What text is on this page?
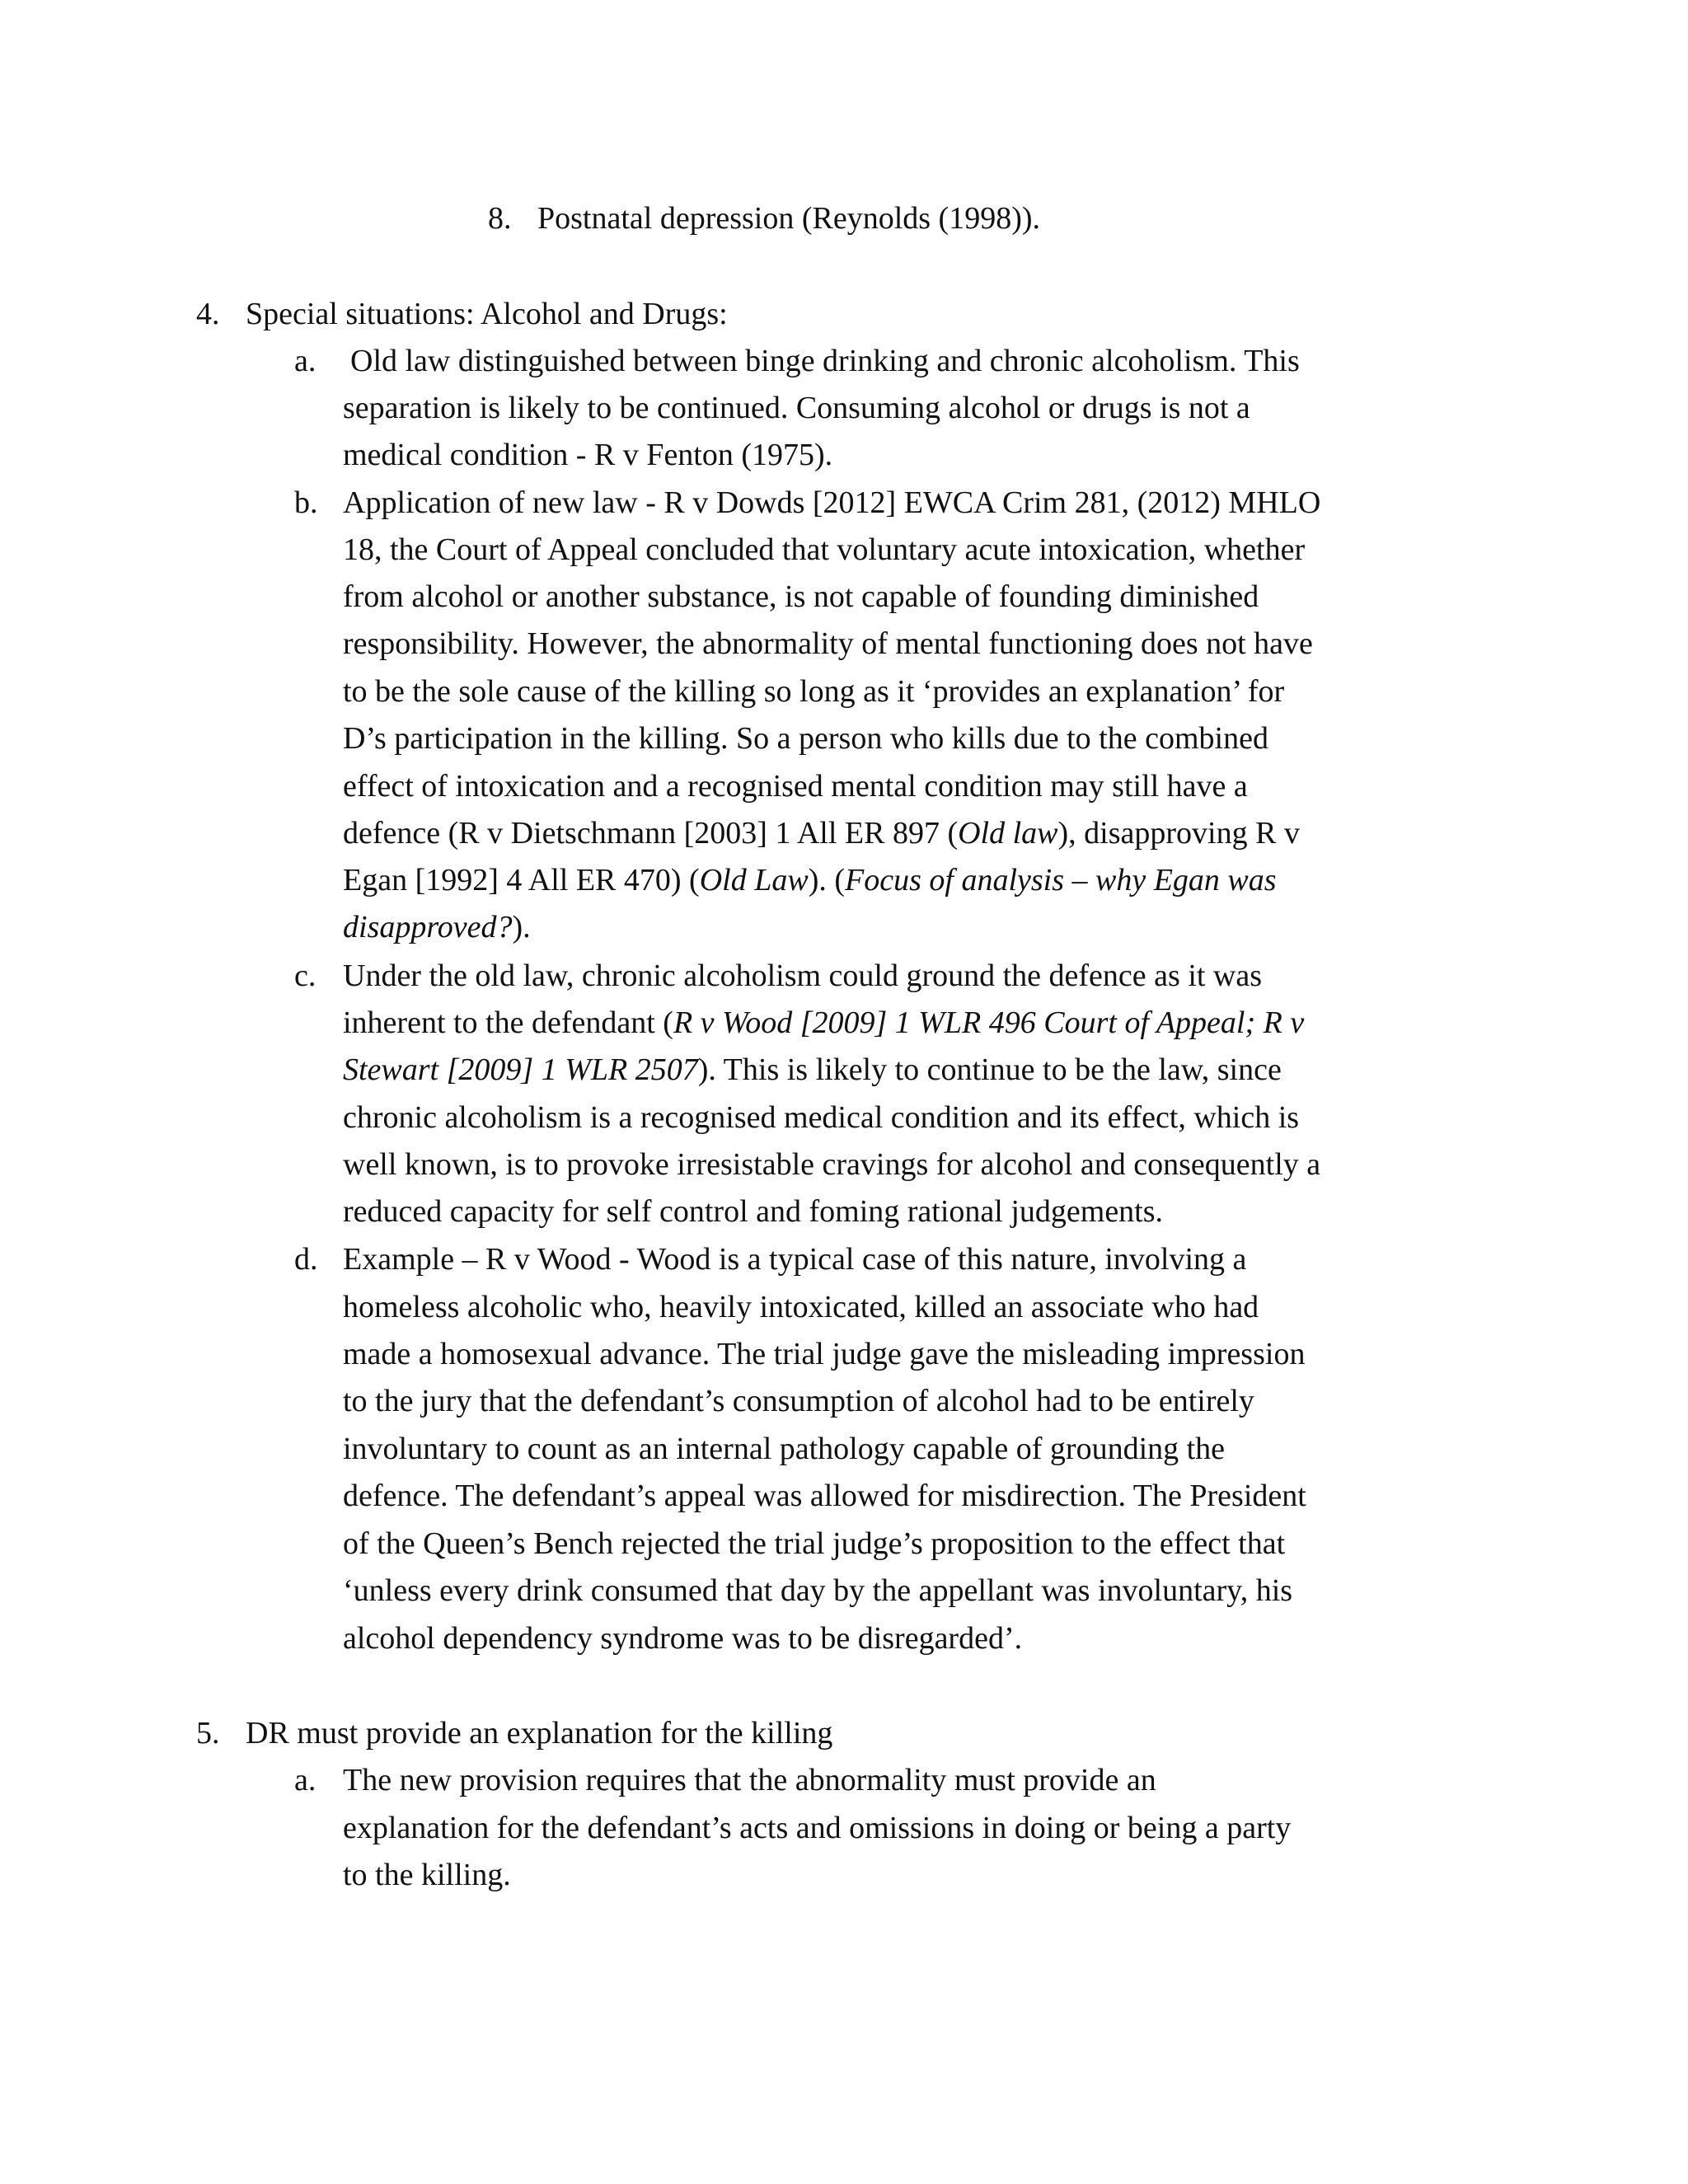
8. Postnatal depression (Reynolds (1998)).

4. Special situations: Alcohol and Drugs:

a. Old law distinguished between binge drinking and chronic alcoholism. This

separation is likely to be continued. Consuming alcohol or drugs is not a

medical condition - R v Fenton (1975).

b. Application of new law - R v Dowds [2012] EWCA Crim 281, (2012) MHLO

18, the Court of Appeal concluded that voluntary acute intoxication, whether

from alcohol or another substance, is not capable of founding diminished

responsibility. However, the abnormality of mental functioning does not have

to be the sole cause of the killing so long as it ‘provides an explanation’ for

D’s participation in the killing. So a person who kills due to the combined

effect of intoxication and a recognised mental condition may still have a

defence (R v Dietschmann [2003] 1 All ER 897 (Old law), disapproving R v

Egan [1992] 4 All ER 470) (Old Law). (Focus of analysis – why Egan was

disapproved?).

c. Under the old law, chronic alcoholism could ground the defence as it was

inherent to the defendant (R v Wood [2009] 1 WLR 496 Court of Appeal; R v

Stewart [2009] 1 WLR 2507). This is likely to continue to be the law, since

chronic alcoholism is a recognised medical condition and its effect, which is

well known, is to provoke irresistable cravings for alcohol and consequently a

reduced capacity for self control and foming rational judgements.

d. Example – R v Wood - Wood is a typical case of this nature, involving a

homeless alcoholic who, heavily intoxicated, killed an associate who had

made a homosexual advance. The trial judge gave the misleading impression

to the jury that the defendant’s consumption of alcohol had to be entirely

involuntary to count as an internal pathology capable of grounding the

defence. The defendant’s appeal was allowed for misdirection. The President

of the Queen’s Bench rejected the trial judge’s proposition to the effect that

‘unless every drink consumed that day by the appellant was involuntary, his

alcohol dependency syndrome was to be disregarded’.

5. DR must provide an explanation for the killing

a. The new provision requires that the abnormality must provide an

explanation for the defendant’s acts and omissions in doing or being a party

to the killing.
